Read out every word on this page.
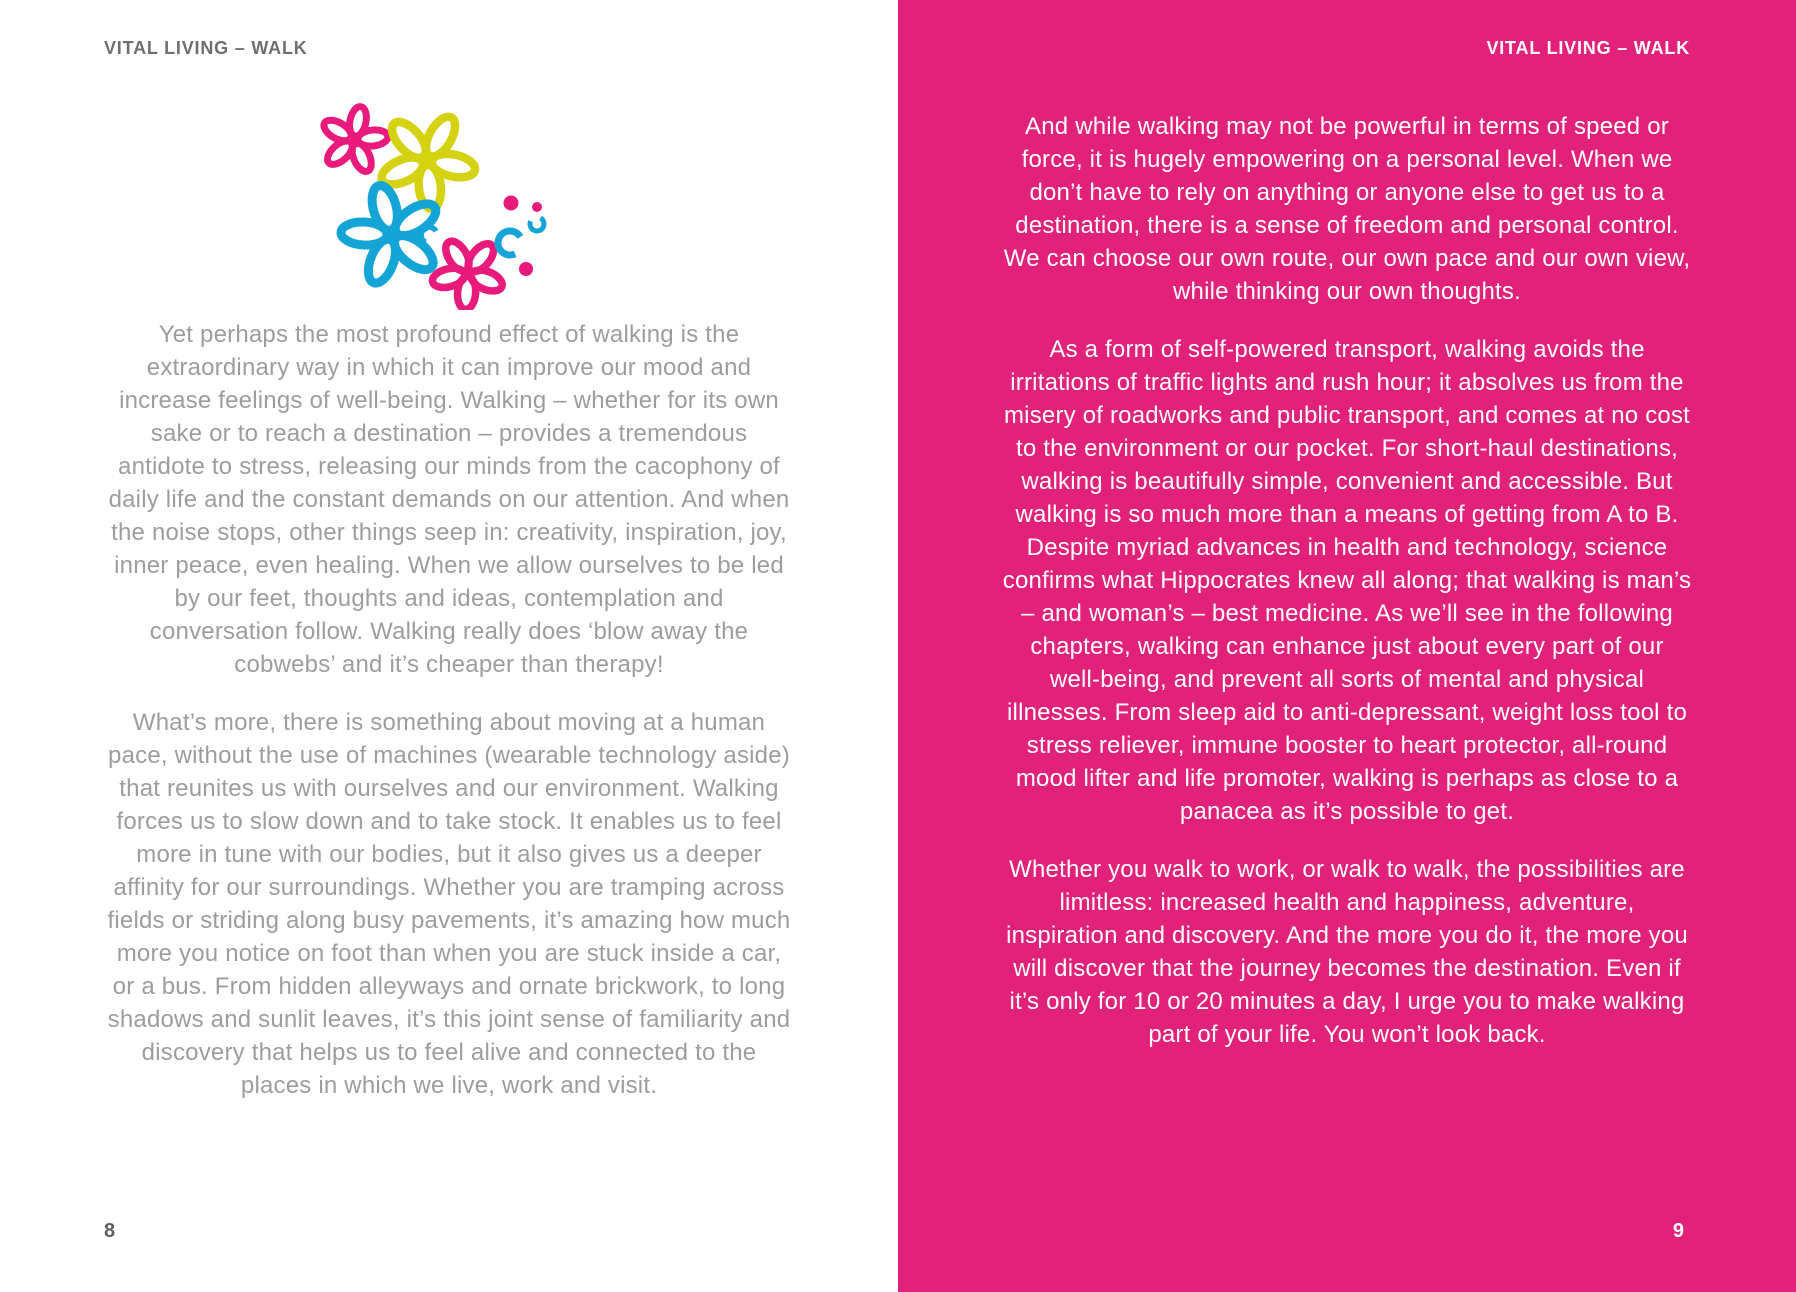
VITAL LIVING – WALK

Yet perhaps the most profound effect of walking is the extraordinary way in which it can improve our mood and increase feelings of well-being. Walking – whether for its own sake or to reach a destination – provides a tremendous antidote to stress, releasing our minds from the cacophony of daily life and the constant demands on our attention. And when the noise stops, other things seep in: creativity, inspiration, joy, inner peace, even healing. When we allow ourselves to be led by our feet, thoughts and ideas, contemplation and conversation follow. Walking really does ‘blow away the cobwebs’ and it’s cheaper than therapy!

What’s more, there is something about moving at a human pace, without the use of machines (wearable technology aside) that reunites us with ourselves and our environment. Walking forces us to slow down and to take stock. It enables us to feel more in tune with our bodies, but it also gives us a deeper affinity for our surroundings. Whether you are tramping across fields or striding along busy pavements, it’s amazing how much more you notice on foot than when you are stuck inside a car, or a bus. From hidden alleyways and ornate brickwork, to long shadows and sunlit leaves, it’s this joint sense of familiarity and discovery that helps us to feel alive and connected to the places in which we live, work and visit.

8
VITAL LIVING – WALK

And while walking may not be powerful in terms of speed or force, it is hugely empowering on a personal level. When we don’t have to rely on anything or anyone else to get us to a destination, there is a sense of freedom and personal control. We can choose our own route, our own pace and our own view, while thinking our own thoughts.

As a form of self-powered transport, walking avoids the irritations of traffic lights and rush hour; it absolves us from the misery of roadworks and public transport, and comes at no cost to the environment or our pocket. For short-haul destinations, walking is beautifully simple, convenient and accessible. But walking is so much more than a means of getting from A to B. Despite myriad advances in health and technology, science confirms what Hippocrates knew all along; that walking is man’s – and woman’s – best medicine. As we’ll see in the following chapters, walking can enhance just about every part of our well-being, and prevent all sorts of mental and physical illnesses. From sleep aid to anti-depressant, weight loss tool to stress reliever, immune booster to heart protector, all-round mood lifter and life promoter, walking is perhaps as close to a panacea as it’s possible to get.

Whether you walk to work, or walk to walk, the possibilities are limitless: increased health and happiness, adventure, inspiration and discovery. And the more you do it, the more you will discover that the journey becomes the destination. Even if it’s only for 10 or 20 minutes a day, I urge you to make walking part of your life. You won’t look back.

9
